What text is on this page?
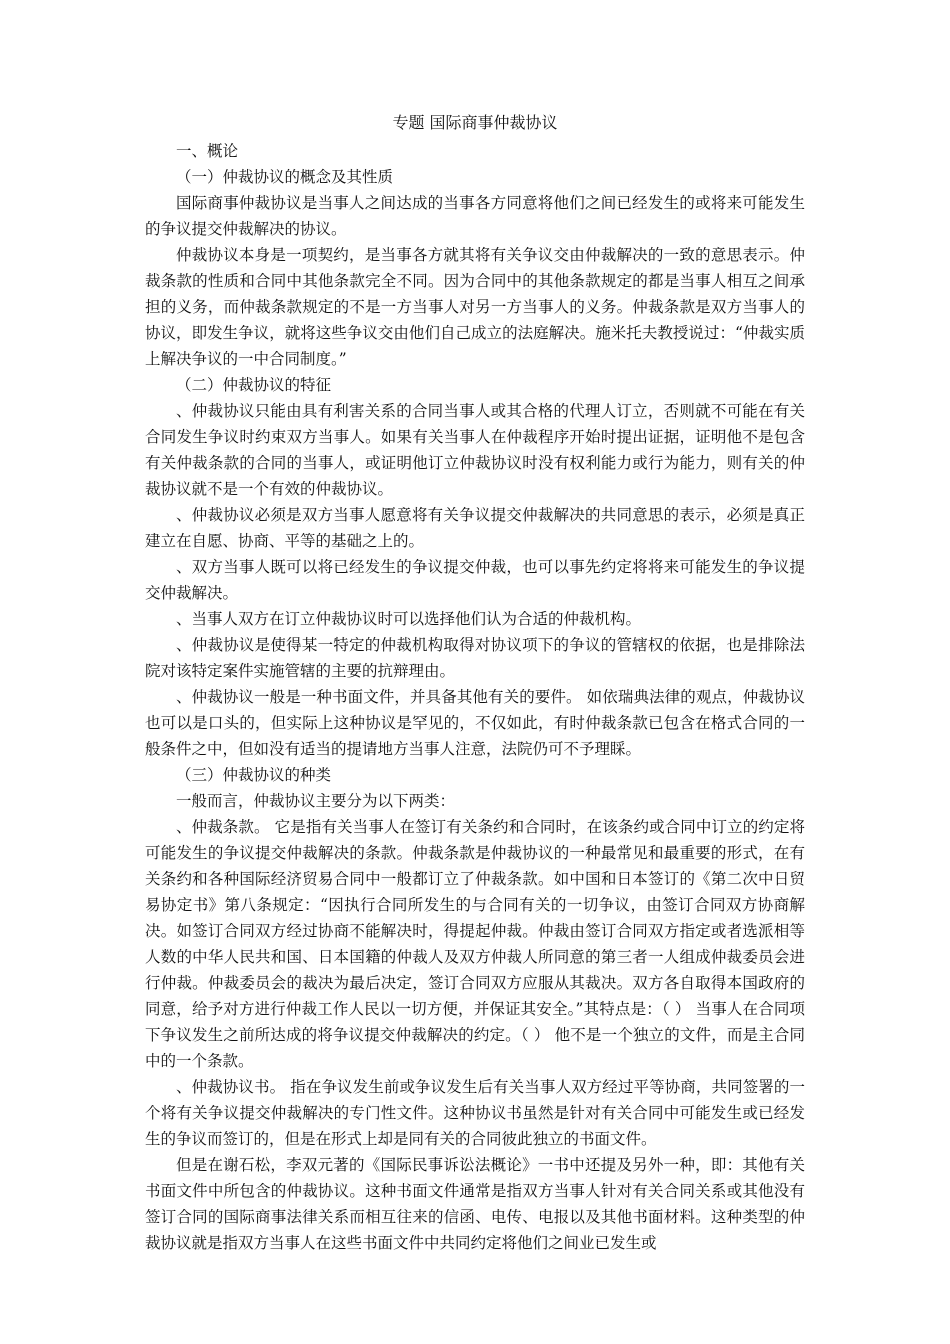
专题 国际商事仲裁协议
一、概论
（一）仲裁协议的概念及其性质

国际商事仲裁协议是当事人之间达成的当事各方同意将他们之间已经发生的或将来可能发生的争议提交仲裁解决的协议。

仲裁协议本身是一项契约，是当事各方就其将有关争议交由仲裁解决的一致的意思表示。仲裁条款的性质和合同中其他条款完全不同。因为合同中的其他条款规定的都是当事人相互之间承担的义务，而仲裁条款规定的不是一方当事人对另一方当事人的义务。仲裁条款是双方当事人的协议，即发生争议，就将这些争议交由他们自己成立的法庭解决。施米托夫教授说过：“仲裁实质上解决争议的一中合同制度。”

（二）仲裁协议的特征

、仲裁协议只能由具有利害关系的合同当事人或其合格的代理人订立，否则就不可能在有关合同发生争议时约束双方当事人。如果有关当事人在仲裁程序开始时提出证据，证明他不是包含有关仲裁条款的合同的当事人，或证明他订立仲裁协议时没有权利能力或行为能力，则有关的仲裁协议就不是一个有效的仲裁协议。

、仲裁协议必须是双方当事人愿意将有关争议提交仲裁解决的共同意思的表示，必须是真正建立在自愿、协商、平等的基础之上的。

、双方当事人既可以将已经发生的争议提交仲裁，也可以事先约定将将来可能发生的争议提交仲裁解决。

、当事人双方在订立仲裁协议时可以选择他们认为合适的仲裁机构。

、仲裁协议是使得某一特定的仲裁机构取得对协议项下的争议的管辖权的依据，也是排除法院对该特定案件实施管辖的主要的抗辩理由。

、仲裁协议一般是一种书面文件，并具备其他有关的要件。 如依瑞典法律的观点，仲裁协议也可以是口头的，但实际上这种协议是罕见的，不仅如此，有时仲裁条款已包含在格式合同的一般条件之中，但如没有适当的提请地方当事人注意，法院仍可不予理睬。

（三）仲裁协议的种类

一般而言，仲裁协议主要分为以下两类：

、仲裁条款。 它是指有关当事人在签订有关条约和合同时，在该条约或合同中订立的约定将可能发生的争议提交仲裁解决的条款。仲裁条款是仲裁协议的一种最常见和最重要的形式，在有关条约和各种国际经济贸易合同中一般都订立了仲裁条款。如中国和日本签订的《第二次中日贸易协定书》第八条规定：“因执行合同所发生的与合同有关的一切争议，由签订合同双方协商解决。如签订合同双方经过协商不能解决时，得提起仲裁。仲裁由签订合同双方指定或者选派相等人数的中华人民共和国、日本国籍的仲裁人及双方仲裁人所同意的第三者一人组成仲裁委员会进行仲裁。仲裁委员会的裁决为最后决定，签订合同双方应服从其裁决。双方各自取得本国政府的同意，给予对方进行仲裁工作人民以一切方便，并保证其安全。”其特点是：（ ） 当事人在合同项下争议发生之前所达成的将争议提交仲裁解决的约定。（ ） 他不是一个独立的文件，而是主合同中的一个条款。

、仲裁协议书。 指在争议发生前或争议发生后有关当事人双方经过平等协商，共同签署的一个将有关争议提交仲裁解决的专门性文件。这种协议书虽然是针对有关合同中可能发生或已经发生的争议而签订的，但是在形式上却是同有关的合同彼此独立的书面文件。

但是在谢石松，李双元著的《国际民事诉讼法概论》一书中还提及另外一种，即：其他有关书面文件中所包含的仲裁协议。这种书面文件通常是指双方当事人针对有关合同关系或其他没有签订合同的国际商事法律关系而相互往来的信函、电传、电报以及其他书面材料。这种类型的仲裁协议就是指双方当事人在这些书面文件中共同约定将他们之间业已发生或
